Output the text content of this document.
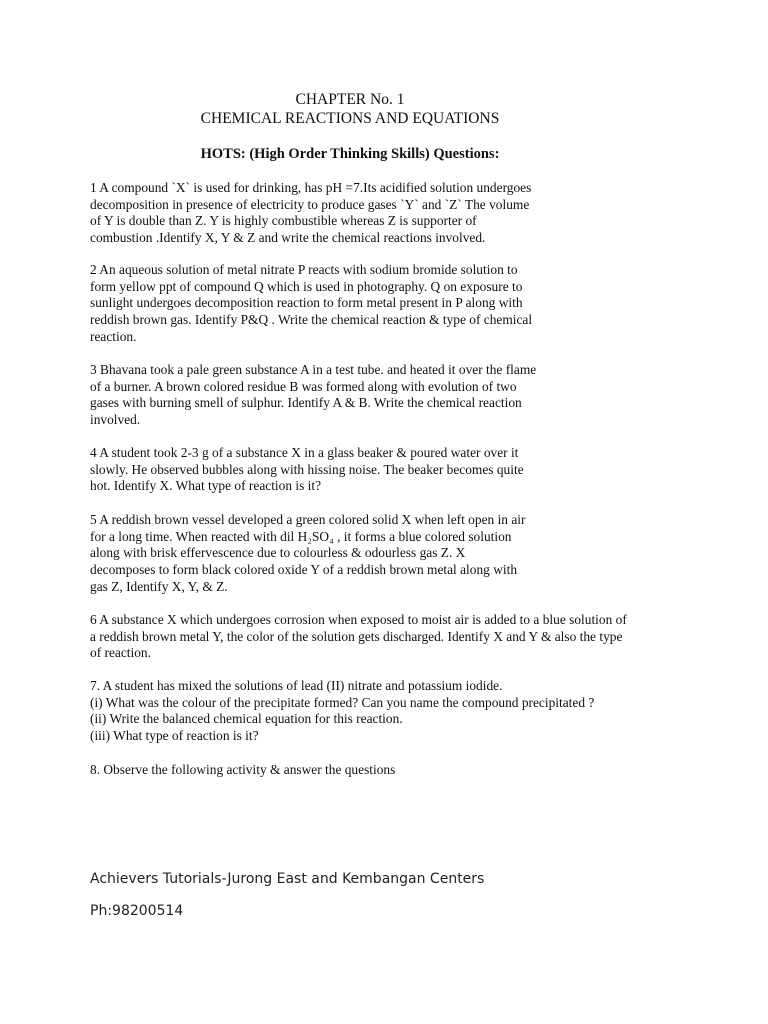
CHAPTER No. 1
CHEMICAL REACTIONS AND EQUATIONS
HOTS: (High Order Thinking Skills) Questions:
1 A compound `X` is used for drinking, has pH =7.Its acidified solution undergoes
decomposition in presence of electricity to produce gases `Y` and `Z` The volume
of Y is double than Z. Y is highly combustible whereas Z is supporter of
combustion .Identify X, Y & Z and write the chemical reactions involved.
2 An aqueous solution of metal nitrate P reacts with sodium bromide solution to
form yellow ppt of compound Q which is used in photography. Q on exposure to
sunlight undergoes decomposition reaction to form metal present in P along with
reddish brown gas. Identify P&Q . Write the chemical reaction & type of chemical
reaction.
3 Bhavana took a pale green substance A in a test tube. and heated it over the flame
of a burner. A brown colored residue B was formed along with evolution of two
gases with burning smell of sulphur. Identify A & B. Write the chemical reaction
involved.
4 A student took 2-3 g of a substance X in a glass beaker & poured water over it
slowly. He observed bubbles along with hissing noise. The beaker becomes quite
hot. Identify X. What type of reaction is it?
5 A reddish brown vessel developed a green colored solid X when left open in air
for a long time. When reacted with dil H₂SO₄ , it forms a blue colored solution
along with brisk effervescence due to colourless & odourless gas Z. X
decomposes to form black colored oxide Y of a reddish brown metal along with
gas Z, Identify X, Y, & Z.
6 A substance X which undergoes corrosion when exposed to moist air is added to a blue solution of
a reddish brown metal Y, the color of the solution gets discharged. Identify X and Y & also the type
of reaction.
7. A student has mixed the solutions of lead (II) nitrate and potassium iodide.
(i) What was the colour of the precipitate formed? Can you name the compound precipitated ?
(ii) Write the balanced chemical equation for this reaction.
(iii) What type of reaction is it?
8. Observe the following activity & answer the questions
Achievers Tutorials-Jurong East and Kembangan Centers
Ph:98200514
